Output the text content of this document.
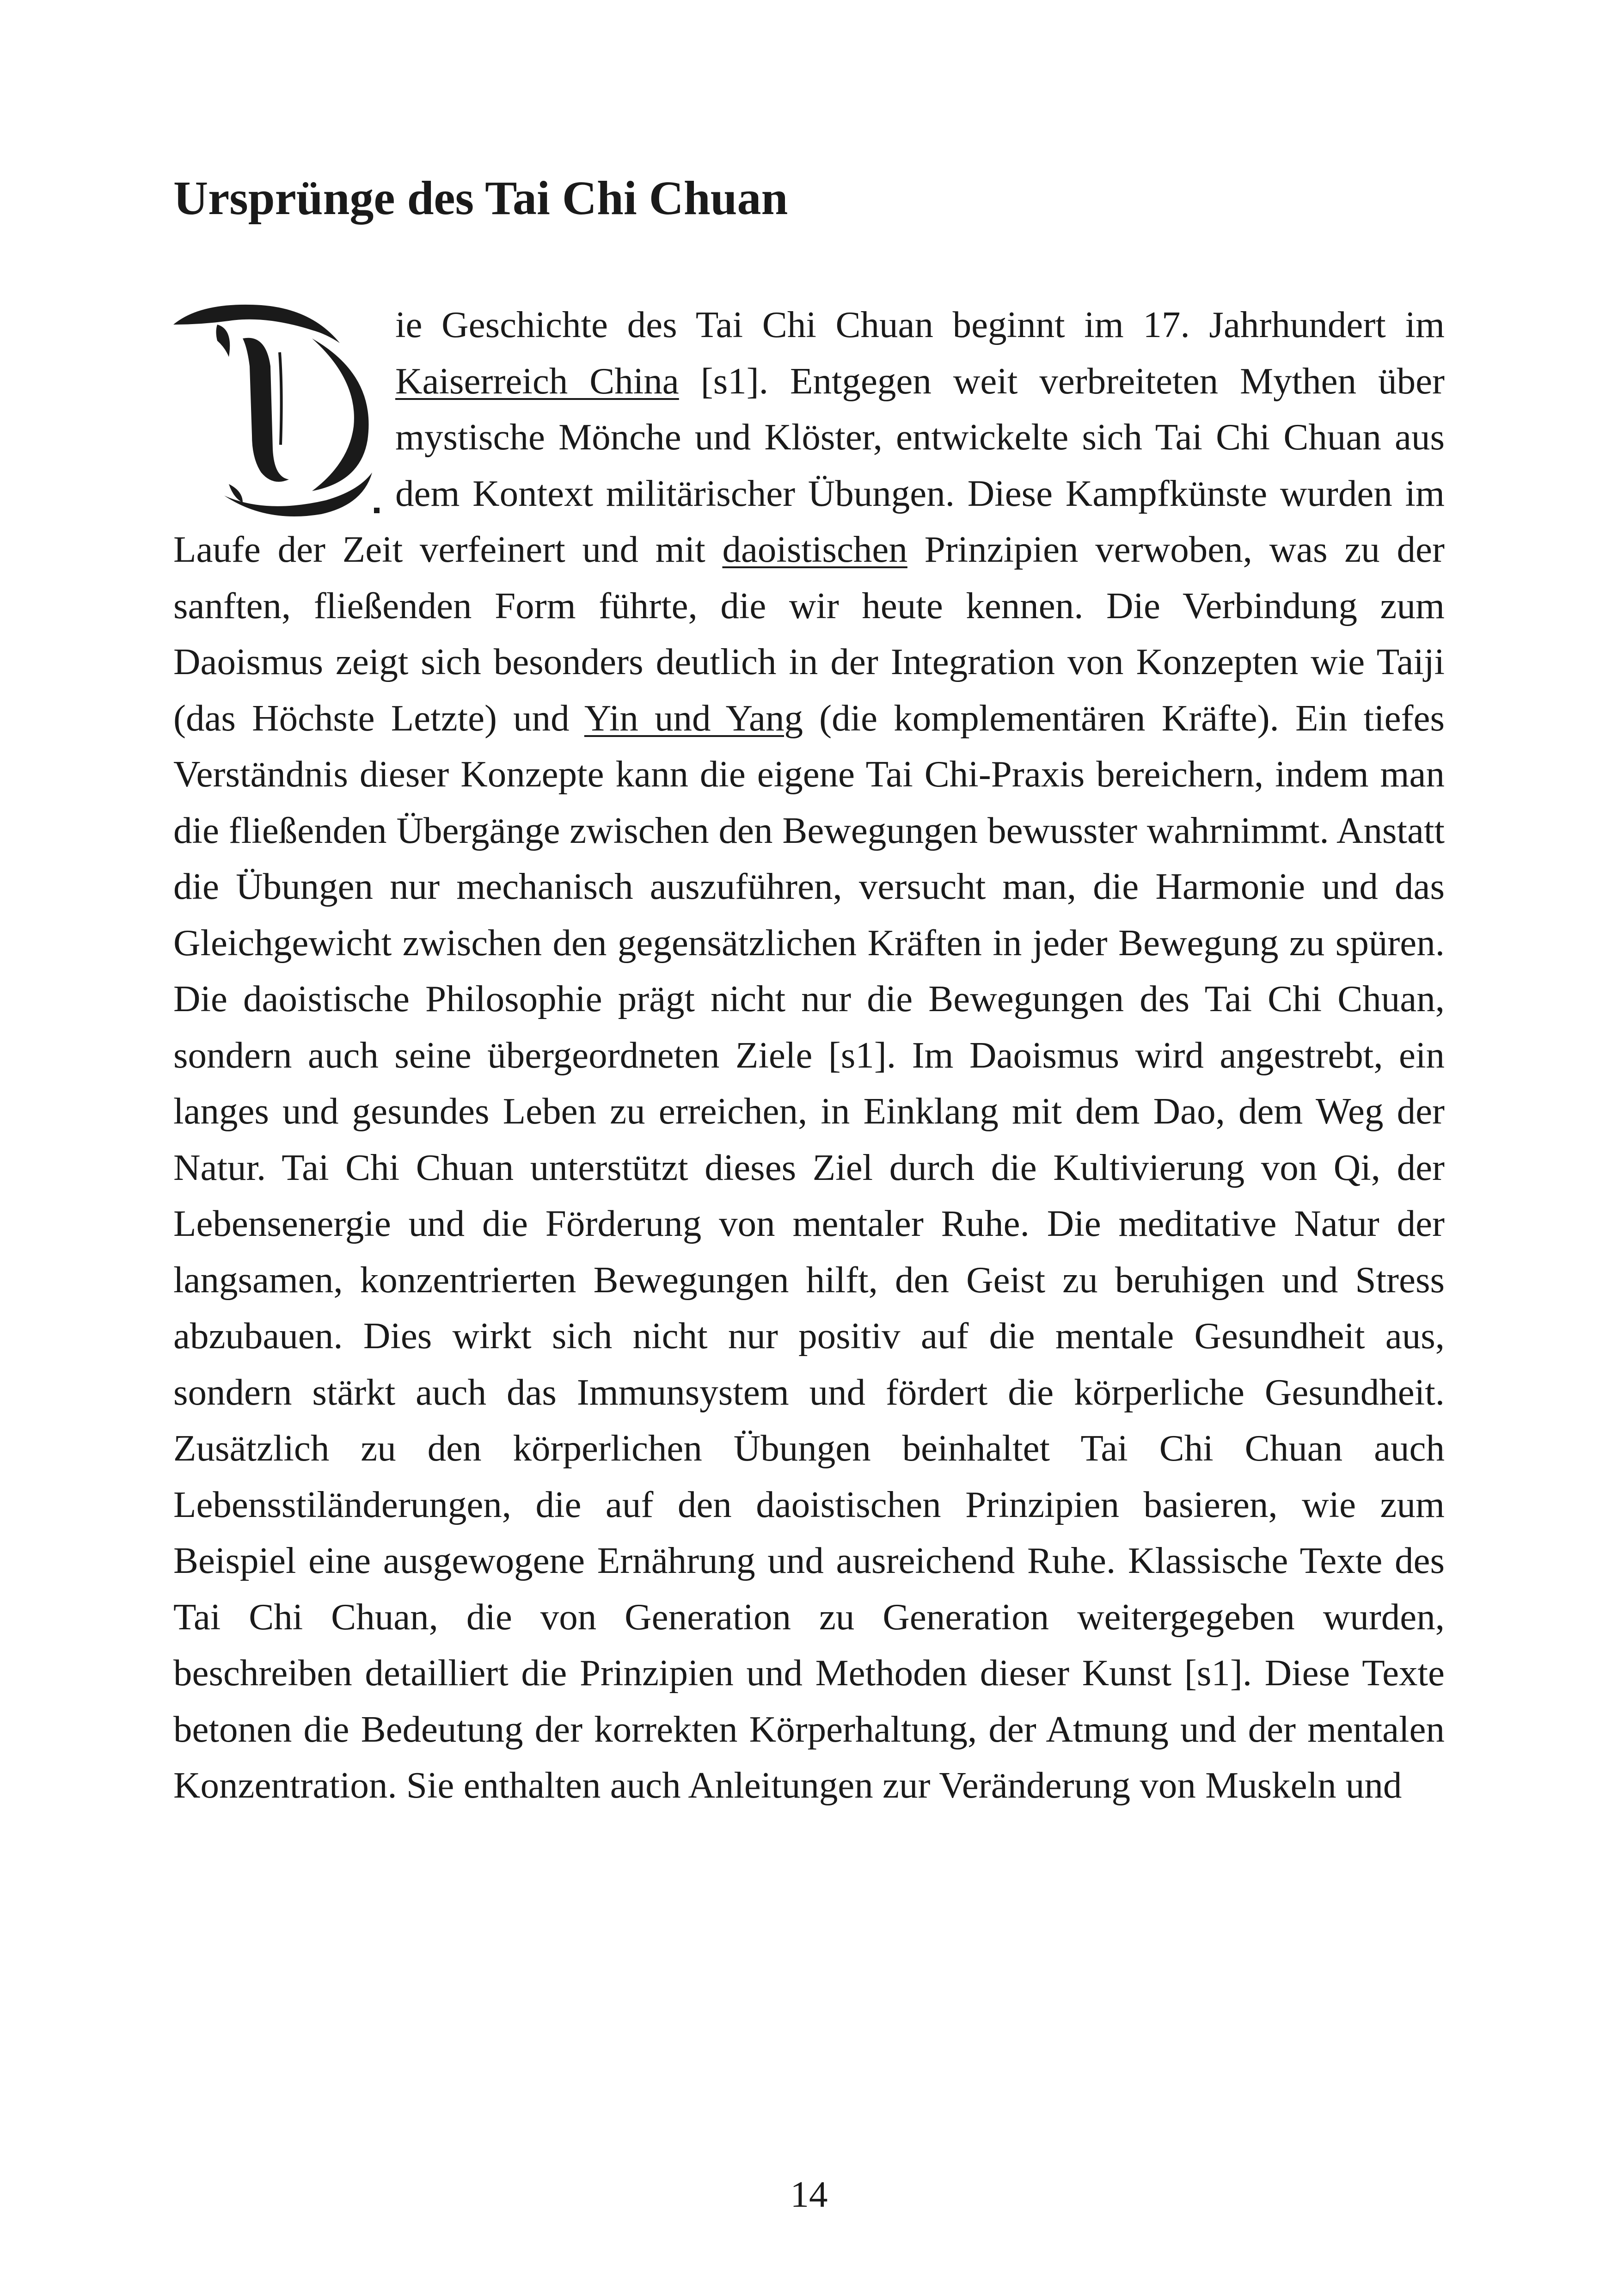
Ursprünge des Tai Chi Chuan

ie Geschichte des Tai Chi Chuan beginnt im 17. Jahrhundert im Kaiserreich China [s1]. Entgegen weit verbreiteten Mythen über mystische Mönche und Klöster, entwickelte sich Tai Chi Chuan aus dem Kontext militärischer Übungen. Diese Kampfkünste wurden im Laufe der Zeit verfeinert und mit daoistischen Prinzipien verwoben, was zu der sanften, fließenden Form führte, die wir heute kennen. Die Verbindung zum Daoismus zeigt sich besonders deutlich in der Integration von Konzepten wie Taiji (das Höchste Letzte) und Yin und Yang (die komplementären Kräfte). Ein tiefes Verständnis dieser Konzepte kann die eigene Tai Chi-Praxis bereichern, indem man die fließenden Übergänge zwischen den Bewegungen bewusster wahrnimmt. Anstatt die Übungen nur mechanisch auszuführen, versucht man, die Harmonie und das Gleichgewicht zwischen den gegensätzlichen Kräften in jeder Bewegung zu spüren. Die daoistische Philosophie prägt nicht nur die Bewegungen des Tai Chi Chuan, sondern auch seine übergeordneten Ziele [s1]. Im Daoismus wird angestrebt, ein langes und gesundes Leben zu erreichen, in Einklang mit dem Dao, dem Weg der Natur. Tai Chi Chuan unterstützt dieses Ziel durch die Kultivierung von Qi, der Lebensenergie und die Förderung von mentaler Ruhe. Die meditative Natur der langsamen, konzentrierten Bewegungen hilft, den Geist zu beruhigen und Stress abzubauen. Dies wirkt sich nicht nur positiv auf die mentale Gesundheit aus, sondern stärkt auch das Immunsystem und fördert die körperliche Gesundheit. Zusätzlich zu den körperlichen Übungen beinhaltet Tai Chi Chuan auch Lebensstiländerungen, die auf den daoistischen Prinzipien basieren, wie zum Beispiel eine ausgewogene Ernährung und ausreichend Ruhe. Klassische Texte des Tai Chi Chuan, die von Generation zu Generation weitergegeben wurden, beschreiben detailliert die Prinzipien und Methoden dieser Kunst [s1]. Diese Texte betonen die Bedeutung der korrekten Körperhaltung, der Atmung und der mentalen Konzentration. Sie enthalten auch Anleitungen zur Veränderung von Muskeln und

14
